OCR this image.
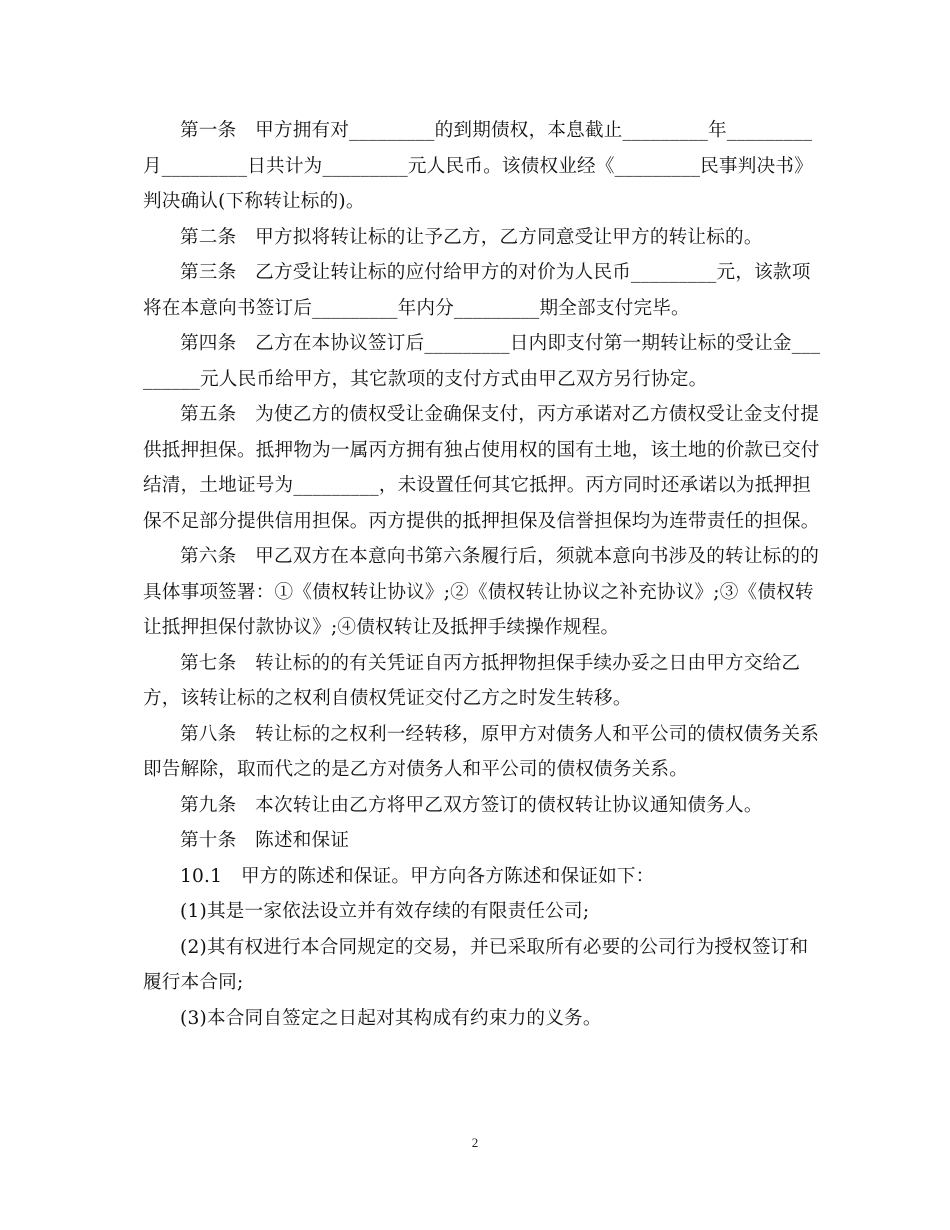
第一条　甲方拥有对_________的到期债权，本息截止_________年_________月_________日共计为_________元人民币。该债权业经《_________民事判决书》判决确认(下称转让标的)。

第二条　甲方拟将转让标的让予乙方，乙方同意受让甲方的转让标的。

第三条　乙方受让转让标的应付给甲方的对价为人民币_________元，该款项将在本意向书签订后_________年内分_________期全部支付完毕。

第四条　乙方在本协议签订后_________日内即支付第一期转让标的受让金_________元人民币给甲方，其它款项的支付方式由甲乙双方另行协定。

第五条　为使乙方的债权受让金确保支付，丙方承诺对乙方债权受让金支付提供抵押担保。抵押物为一属丙方拥有独占使用权的国有土地，该土地的价款已交付结清，土地证号为_________，未设置任何其它抵押。丙方同时还承诺以为抵押担保不足部分提供信用担保。丙方提供的抵押担保及信誉担保均为连带责任的担保。

第六条　甲乙双方在本意向书第六条履行后，须就本意向书涉及的转让标的的具体事项签署：①《债权转让协议》;②《债权转让协议之补充协议》;③《债权转让抵押担保付款协议》;④债权转让及抵押手续操作规程。

第七条　转让标的的有关凭证自丙方抵押物担保手续办妥之日由甲方交给乙方，该转让标的之权利自债权凭证交付乙方之时发生转移。

第八条　转让标的之权利一经转移，原甲方对债务人和平公司的债权债务关系即告解除，取而代之的是乙方对债务人和平公司的债权债务关系。

第九条　本次转让由乙方将甲乙双方签订的债权转让协议通知债务人。

第十条　陈述和保证

10.1　甲方的陈述和保证。甲方向各方陈述和保证如下：

(1)其是一家依法设立并有效存续的有限责任公司;

(2)其有权进行本合同规定的交易，并已采取所有必要的公司行为授权签订和履行本合同;

(3)本合同自签定之日起对其构成有约束力的义务。

2
